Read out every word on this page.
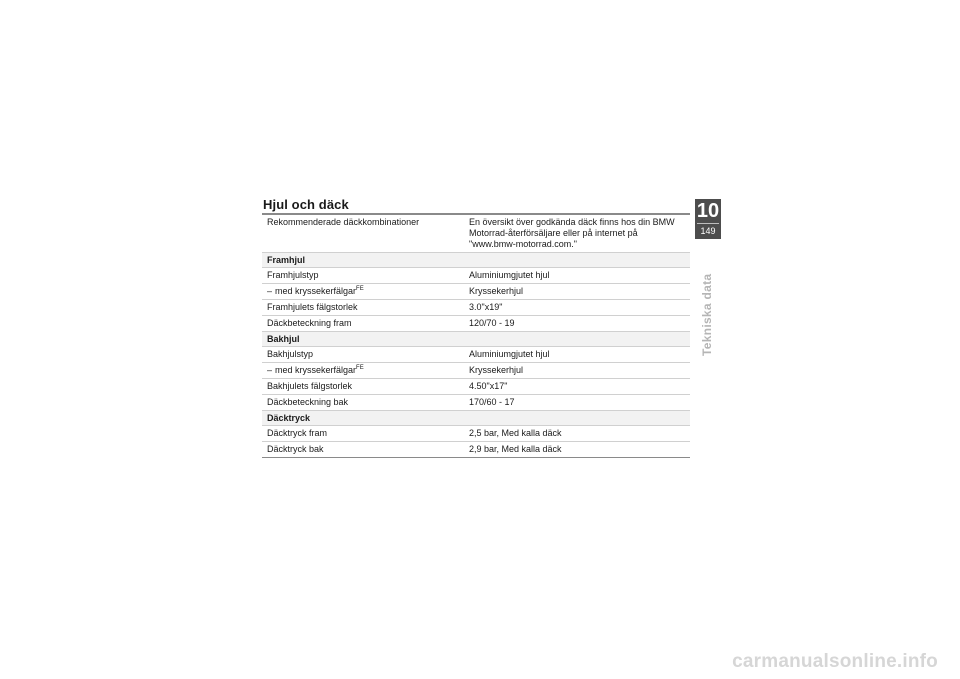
Hjul och däck
Rekommenderade däckkombinationer	En översikt över godkända däck finns hos din BMW Motorrad-återförsäljare eller på internet på "www.bmw-motorrad.com."
Framhjul
Framhjulstyp	Aluminiumgjutet hjul
– med kryssekerfälgar$^{FE}$	Kryssekerhjul
Framhjulets fälgstorlek	3.0"x19"
Däckbeteckning fram	120/70 - 19
Bakhjul
Bakhjulstyp	Aluminiumgjutet hjul
– med kryssekerfälgar$^{FE}$	Kryssekerhjul
Bakhjulets fälgstorlek	4.50"x17"
Däckbeteckning bak	170/60 - 17
Däcktryck
Däcktryck fram	2,5 bar, Med kalla däck
Däcktryck bak	2,9 bar, Med kalla däck
10
149
Tekniska data
carmanualsonline.info
